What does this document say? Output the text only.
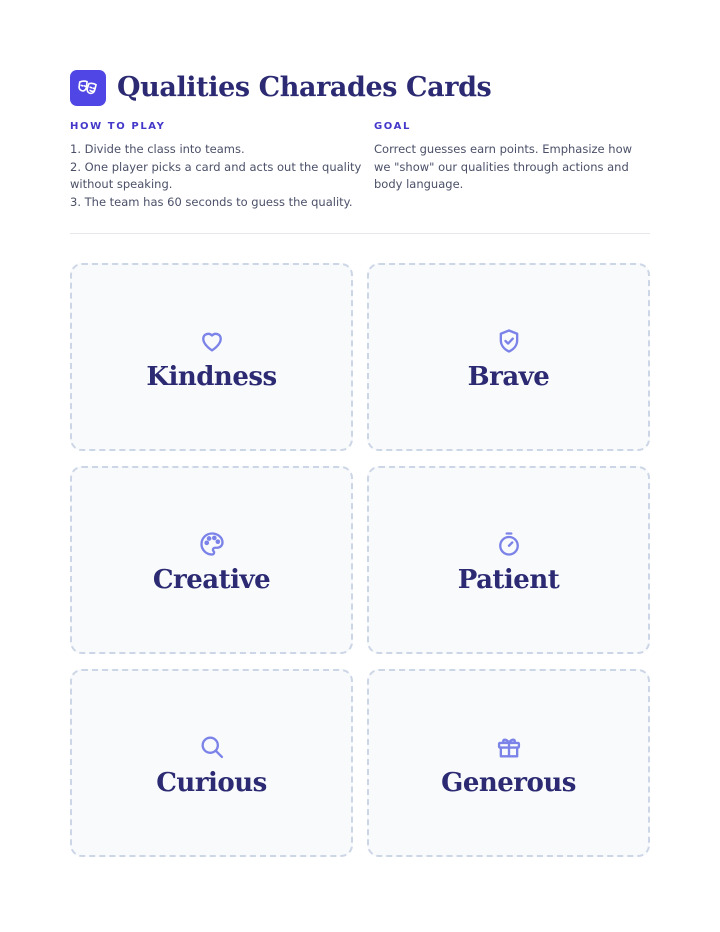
Qualities Charades Cards
HOW TO PLAY
1. Divide the class into teams.
2. One player picks a card and acts out the quality without speaking.
3. The team has 60 seconds to guess the quality.
GOAL
Correct guesses earn points. Emphasize how we "show" our qualities through actions and body language.
Kindness	Brave
Creative	Patient
Curious	Generous
